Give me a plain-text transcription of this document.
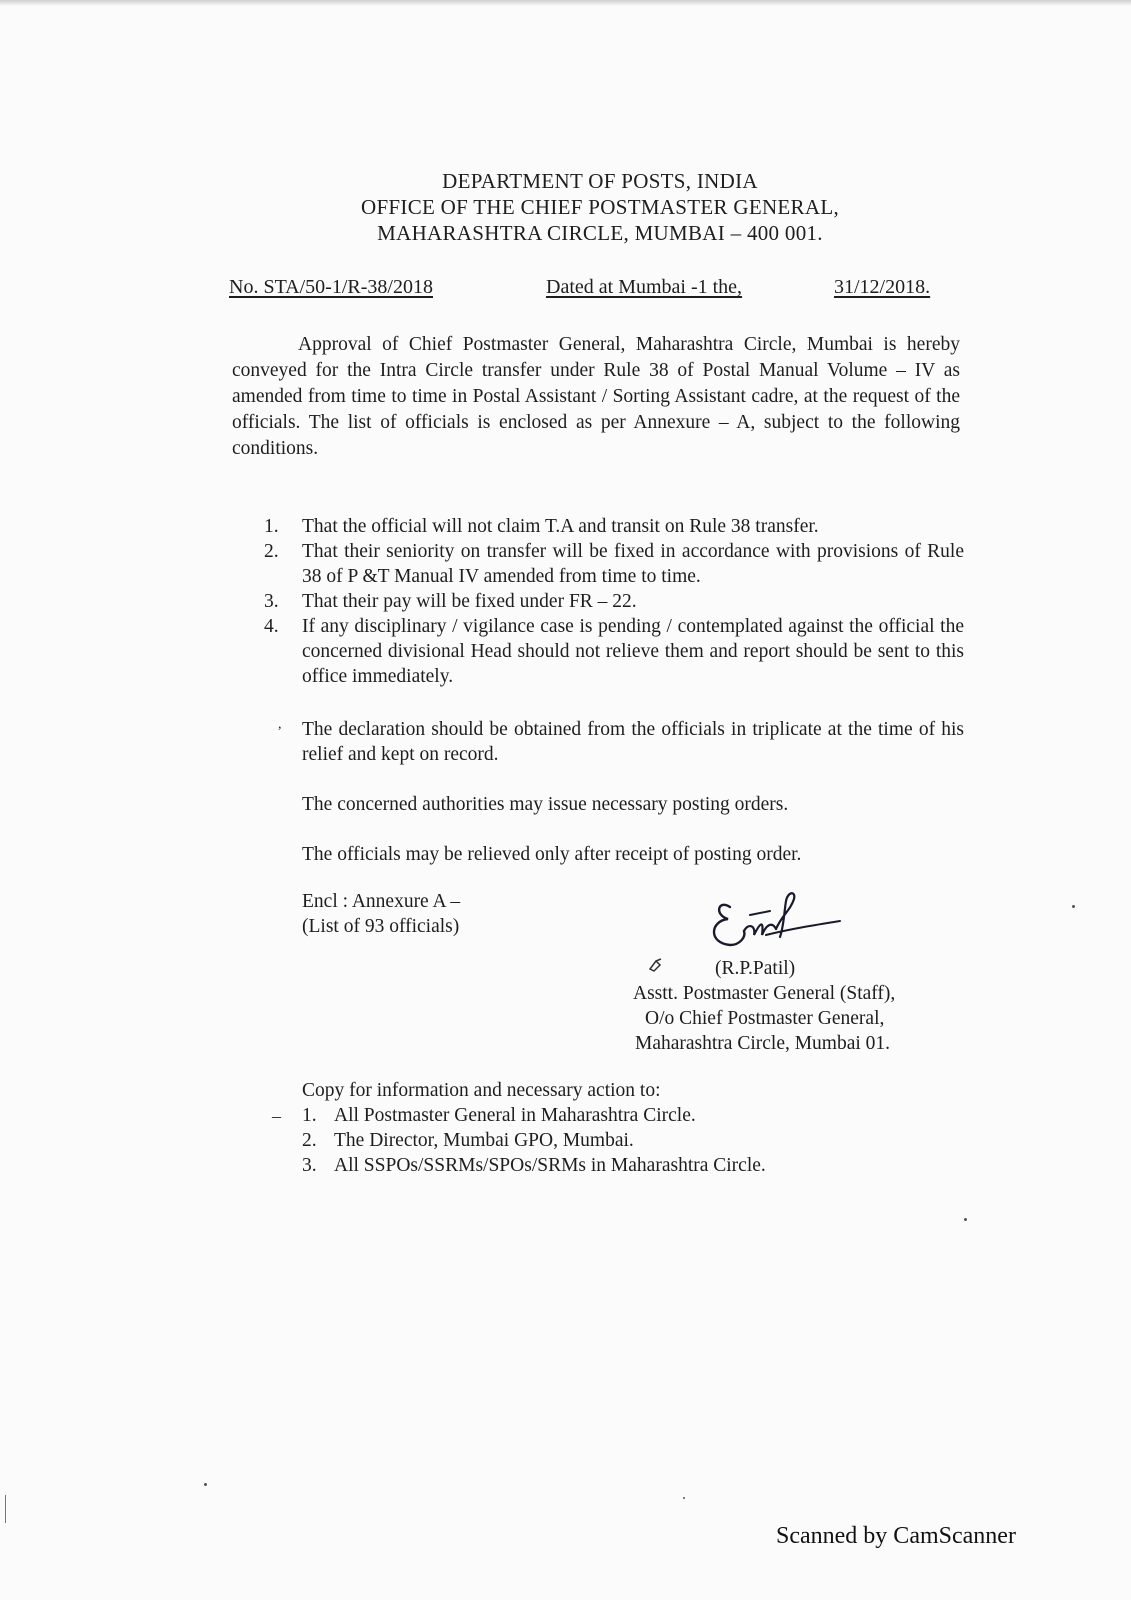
DEPARTMENT OF POSTS, INDIA
OFFICE OF THE CHIEF POSTMASTER GENERAL,
MAHARASHTRA CIRCLE, MUMBAI – 400 001.
No. STA/50-1/R-38/2018	Dated at Mumbai -1 the,	31/12/2018.
Approval of Chief Postmaster General, Maharashtra Circle, Mumbai is hereby conveyed for the Intra Circle transfer under Rule 38 of Postal Manual Volume – IV as amended from time to time in Postal Assistant / Sorting Assistant cadre, at the request of the officials. The list of officials is enclosed as per Annexure – A, subject to the following conditions.
1. That the official will not claim T.A and transit on Rule 38 transfer.
2. That their seniority on transfer will be fixed in accordance with provisions of Rule 38 of P &T Manual IV amended from time to time.
3. That their pay will be fixed under FR – 22.
4. If any disciplinary / vigilance case is pending / contemplated against the official the concerned divisional Head should not relieve them and report should be sent to this office immediately.
, The declaration should be obtained from the officials in triplicate at the time of his relief and kept on record.
The concerned authorities may issue necessary posting orders.
The officials may be relieved only after receipt of posting order.
Encl : Annexure A –
(List of 93 officials)
(R.P.Patil)
Asstt. Postmaster General (Staff),
O/o Chief Postmaster General,
Maharashtra Circle, Mumbai 01.
–
Copy for information and necessary action to:
1. All Postmaster General in Maharashtra Circle.
2. The Director, Mumbai GPO, Mumbai.
3. All SSPOs/SSRMs/SPOs/SRMs in Maharashtra Circle.
Scanned by CamScanner
